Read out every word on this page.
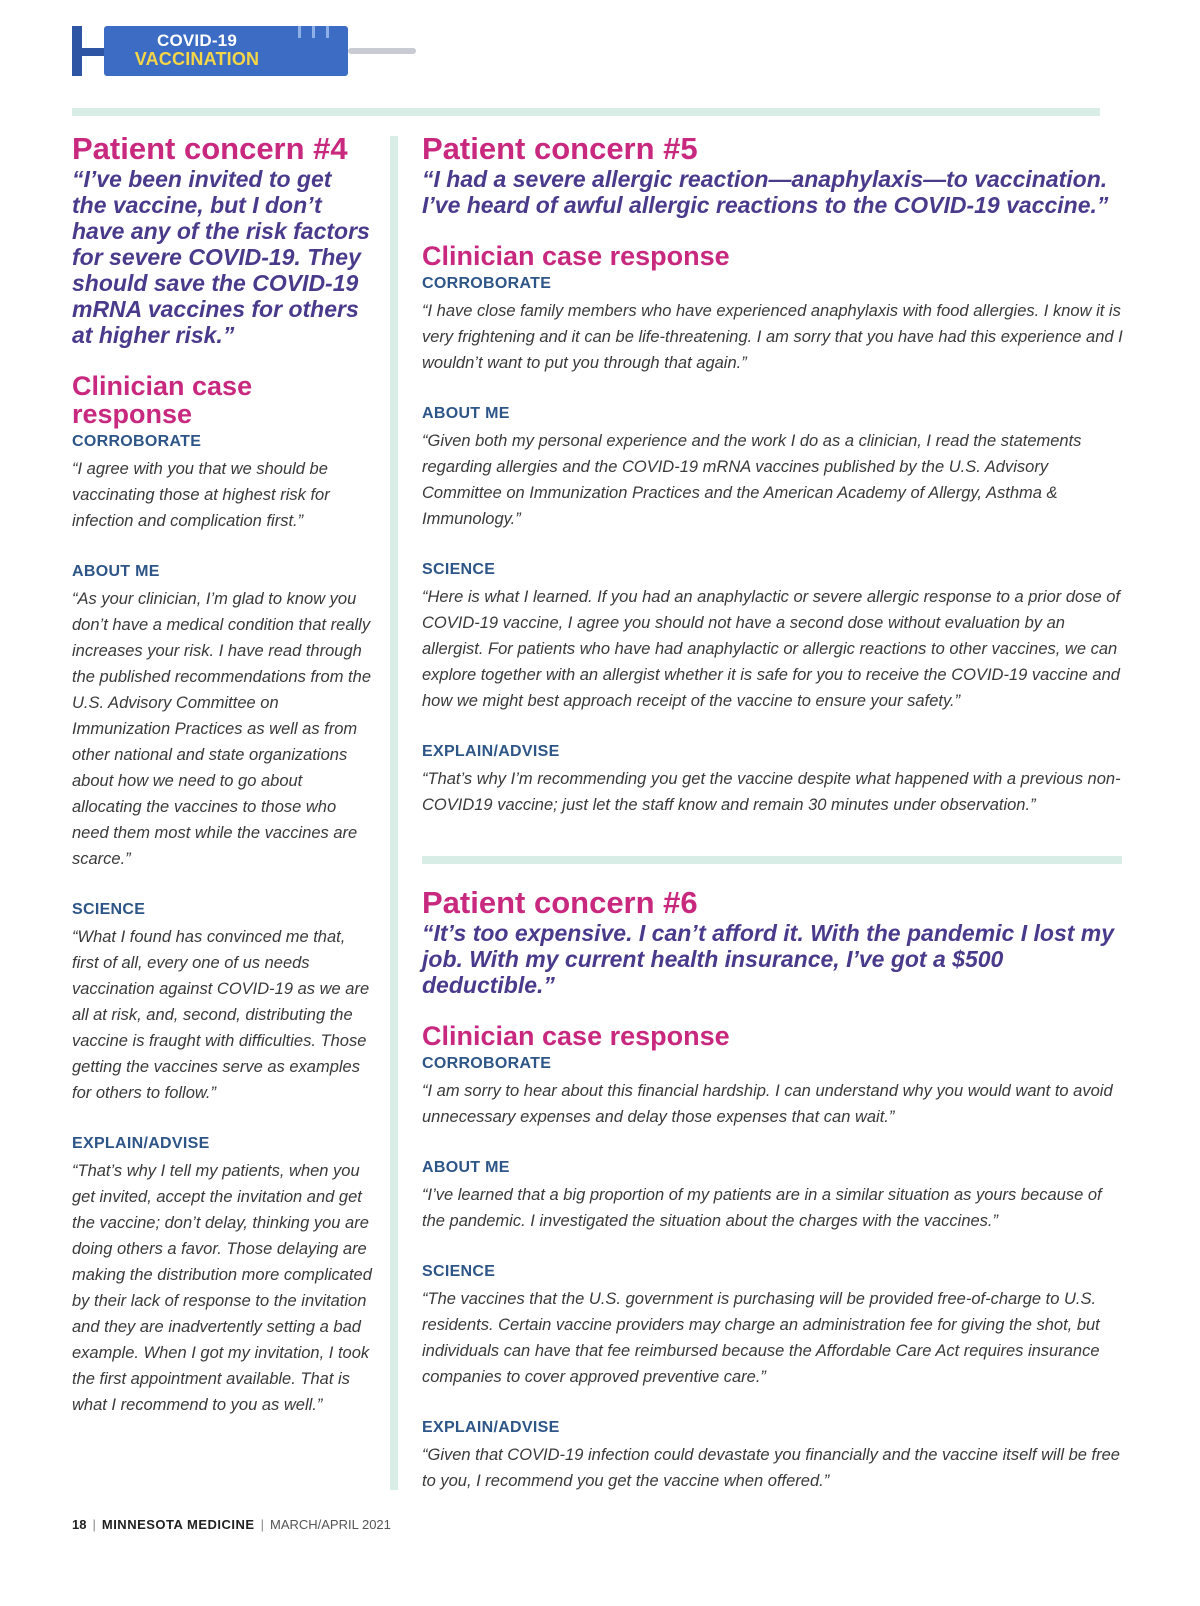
COVID-19
VACCINATION
Patient concern #4

“I’ve been invited to get the vaccine, but I don’t have any of the risk factors for severe COVID-19. They should save the COVID-19 mRNA vaccines for others at higher risk.”

Clinician case response

CORROBORATE

“I agree with you that we should be vaccinating those at highest risk for infection and complication first.”

ABOUT ME

“As your clinician, I’m glad to know you don’t have a medical condition that really increases your risk. I have read through the published recommendations from the U.S. Advisory Committee on Immunization Practices as well as from other national and state organizations about how we need to go about allocating the vaccines to those who need them most while the vaccines are scarce.”

SCIENCE

“What I found has convinced me that, first of all, every one of us needs vaccination against COVID-19 as we are all at risk, and, second, distributing the vaccine is fraught with difficulties. Those getting the vaccines serve as examples for others to follow.”

EXPLAIN/ADVISE

“That’s why I tell my patients, when you get invited, accept the invitation and get the vaccine; don’t delay, thinking you are doing others a favor. Those delaying are making the distribution more complicated by their lack of response to the invitation and they are inadvertently setting a bad example. When I got my invitation, I took the first appointment available. That is what I recommend to you as well.”

Patient concern #5

“I had a severe allergic reaction—anaphylaxis—to vaccination. I’ve heard of awful allergic reactions to the COVID-19 vaccine.”

Clinician case response

CORROBORATE

“I have close family members who have experienced anaphylaxis with food allergies. I know it is very frightening and it can be life-threatening. I am sorry that you have had this experience and I wouldn’t want to put you through that again.”

ABOUT ME

“Given both my personal experience and the work I do as a clinician, I read the statements regarding allergies and the COVID-19 mRNA vaccines published by the U.S. Advisory Committee on Immunization Practices and the American Academy of Allergy, Asthma & Immunology.”

SCIENCE

“Here is what I learned. If you had an anaphylactic or severe allergic response to a prior dose of COVID-19 vaccine, I agree you should not have a second dose without evaluation by an allergist. For patients who have had anaphylactic or allergic reactions to other vaccines, we can explore together with an allergist whether it is safe for you to receive the COVID-19 vaccine and how we might best approach receipt of the vaccine to ensure your safety.”

EXPLAIN/ADVISE

“That’s why I’m recommending you get the vaccine despite what happened with a previous non-COVID19 vaccine; just let the staff know and remain 30 minutes under observation.”

Patient concern #6

“It’s too expensive. I can’t afford it. With the pandemic I lost my job. With my current health insurance, I’ve got a $500 deductible.”

Clinician case response

CORROBORATE

“I am sorry to hear about this financial hardship. I can understand why you would want to avoid unnecessary expenses and delay those expenses that can wait.”

ABOUT ME

“I’ve learned that a big proportion of my patients are in a similar situation as yours because of the pandemic. I investigated the situation about the charges with the vaccines.”

SCIENCE

“The vaccines that the U.S. government is purchasing will be provided free-of-charge to U.S. residents. Certain vaccine providers may charge an administration fee for giving the shot, but individuals can have that fee reimbursed because the Affordable Care Act requires insurance companies to cover approved preventive care.”

EXPLAIN/ADVISE

“Given that COVID-19 infection could devastate you financially and the vaccine itself will be free to you, I recommend you get the vaccine when offered.”

18 | MINNESOTA MEDICINE | MARCH/APRIL 2021
